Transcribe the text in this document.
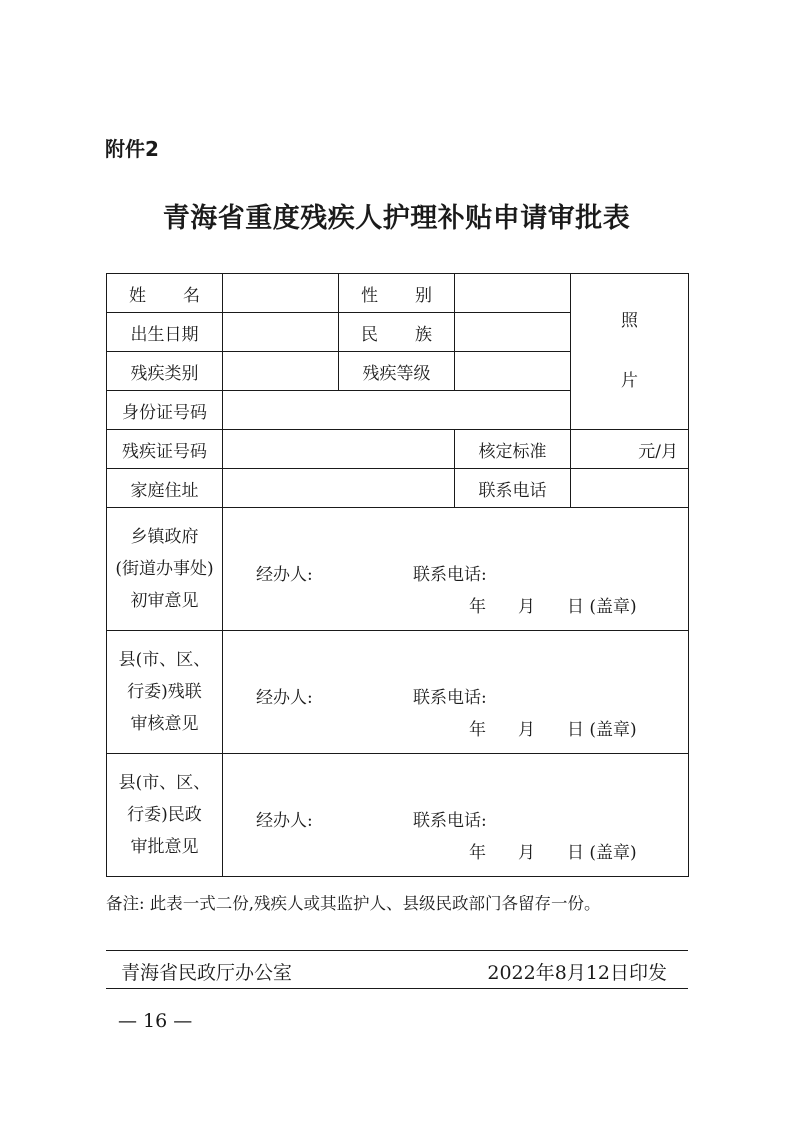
附件2
青海省重度残疾人护理补贴申请审批表
姓 名		性 别		照
片

出生日期		民 族		
残疾类别		残疾等级		
身份证号码				
残疾证号码			核定标准	元/月
家庭住址			联系电话	

乡镇政府
(街道办事处)
初审意见	经办人: 联系电话:
年 月 日 (盖章)			

县(市、区、
行委)残联
审核意见	经办人: 联系电话:
年 月 日 (盖章)			

县(市、区、
行委)民政
审批意见	经办人: 联系电话:
年 月 日 (盖章)			
备注: 此表一式二份,残疾人或其监护人、县级民政部门各留存一份。
青海省民政厅办公室	2022年8月12日印发
— 16 —
